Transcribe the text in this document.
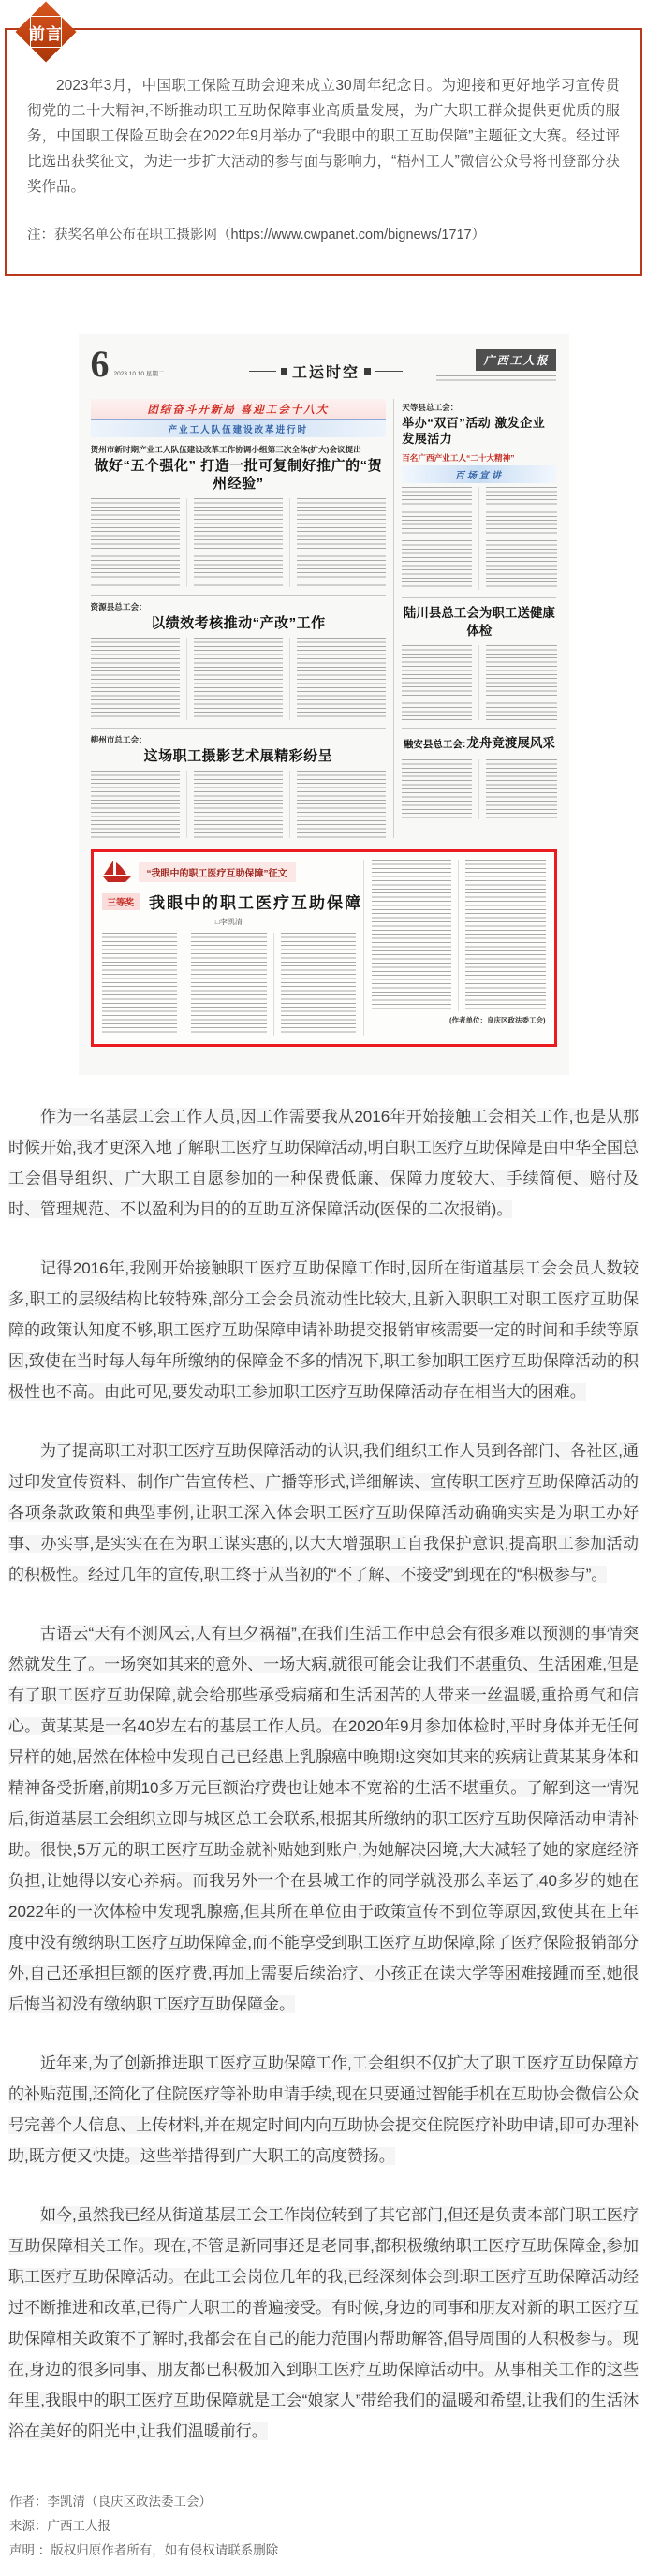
前言

2023年3月，中国职工保险互助会迎来成立30周年纪念日。为迎接和更好地学习宣传贯彻党的二十大精神,不断推动职工互助保障事业高质量发展，为广大职工群众提供更优质的服务，中国职工保险互助会在2022年9月举办了“我眼中的职工互助保障”主题征文大赛。经过评比选出获奖征文，为进一步扩大活动的参与面与影响力，“梧州工人”微信公众号将刊登部分获奖作品。

注：获奖名单公布在职工摄影网（https://www.cwpanet.com/bignews/1717）

6 2023.10.10 星期二	工运时空
广西工人报
团结奋斗开新局 喜迎工会十八大
产业工人队伍建设改革进行时

贺州市新时期产业工人队伍建设改革工作协调小组第三次全体(扩大)会议提出

做好“五个强化” 打造一批可复制好推广的“贺州经验”

资源县总工会：

以绩效考核推动“产改”工作

柳州市总工会：

这场职工摄影艺术展精彩纷呈

天等县总工会：

举办“双百”活动 激发企业发展活力
百名广西产业工人“二十大精神”
百场宣讲
陆川县总工会为职工送健康体检
融安县总工会:龙舟竞渡展风采
“我眼中的职工医疗互助保障”征文
三等奖 我眼中的职工医疗互助保障
□李凯清
(作者单位：良庆区政法委工会)

作为一名基层工会工作人员,因工作需要我从2016年开始接触工会相关工作,也是从那时候开始,我才更深入地了解职工医疗互助保障活动,明白职工医疗互助保障是由中华全国总工会倡导组织、广大职工自愿参加的一种保费低廉、保障力度较大、手续简便、赔付及时、管理规范、不以盈利为目的的互助互济保障活动(医保的二次报销)。

记得2016年,我刚开始接触职工医疗互助保障工作时,因所在街道基层工会会员人数较多,职工的层级结构比较特殊,部分工会会员流动性比较大,且新入职职工对职工医疗互助保障的政策认知度不够,职工医疗互助保障申请补助提交报销审核需要一定的时间和手续等原因,致使在当时每人每年所缴纳的保障金不多的情况下,职工参加职工医疗互助保障活动的积极性也不高。由此可见,要发动职工参加职工医疗互助保障活动存在相当大的困难。

为了提高职工对职工医疗互助保障活动的认识,我们组织工作人员到各部门、各社区,通过印发宣传资料、制作广告宣传栏、广播等形式,详细解读、宣传职工医疗互助保障活动的各项条款政策和典型事例,让职工深入体会职工医疗互助保障活动确确实实是为职工办好事、办实事,是实实在在为职工谋实惠的,以大大增强职工自我保护意识,提高职工参加活动的积极性。经过几年的宣传,职工终于从当初的“不了解、不接受”到现在的“积极参与”。

古语云“天有不测风云,人有旦夕祸福”,在我们生活工作中总会有很多难以预测的事情突然就发生了。一场突如其来的意外、一场大病,就很可能会让我们不堪重负、生活困难,但是有了职工医疗互助保障,就会给那些承受病痛和生活困苦的人带来一丝温暖,重拾勇气和信心。黄某某是一名40岁左右的基层工作人员。在2020年9月参加体检时,平时身体并无任何异样的她,居然在体检中发现自己已经患上乳腺癌中晚期!这突如其来的疾病让黄某某身体和精神备受折磨,前期10多万元巨额治疗费也让她本不宽裕的生活不堪重负。了解到这一情况后,街道基层工会组织立即与城区总工会联系,根据其所缴纳的职工医疗互助保障活动申请补助。很快,5万元的职工医疗互助金就补贴她到账户,为她解决困境,大大减轻了她的家庭经济负担,让她得以安心养病。而我另外一个在县城工作的同学就没那么幸运了,40多岁的她在2022年的一次体检中发现乳腺癌,但其所在单位由于政策宣传不到位等原因,致使其在上年度中没有缴纳职工医疗互助保障金,而不能享受到职工医疗互助保障,除了医疗保险报销部分外,自己还承担巨额的医疗费,再加上需要后续治疗、小孩正在读大学等困难接踵而至,她很后悔当初没有缴纳职工医疗互助保障金。

近年来,为了创新推进职工医疗互助保障工作,工会组织不仅扩大了职工医疗互助保障方的补贴范围,还简化了住院医疗等补助申请手续,现在只要通过智能手机在互助协会微信公众号完善个人信息、上传材料,并在规定时间内向互助协会提交住院医疗补助申请,即可办理补助,既方便又快捷。这些举措得到广大职工的高度赞扬。

如今,虽然我已经从街道基层工会工作岗位转到了其它部门,但还是负责本部门职工医疗互助保障相关工作。现在,不管是新同事还是老同事,都积极缴纳职工医疗互助保障金,参加职工医疗互助保障活动。在此工会岗位几年的我,已经深刻体会到:职工医疗互助保障活动经过不断推进和改革,已得广大职工的普遍接受。有时候,身边的同事和朋友对新的职工医疗互助保障相关政策不了解时,我都会在自己的能力范围内帮助解答,倡导周围的人积极参与。现在,身边的很多同事、朋友都已积极加入到职工医疗互助保障活动中。从事相关工作的这些年里,我眼中的职工医疗互助保障就是工会“娘家人”带给我们的温暖和希望,让我们的生活沐浴在美好的阳光中,让我们温暖前行。

作者：李凯清（良庆区政法委工会）

来源：广西工人报

声明 ：版权归原作者所有，如有侵权请联系删除
